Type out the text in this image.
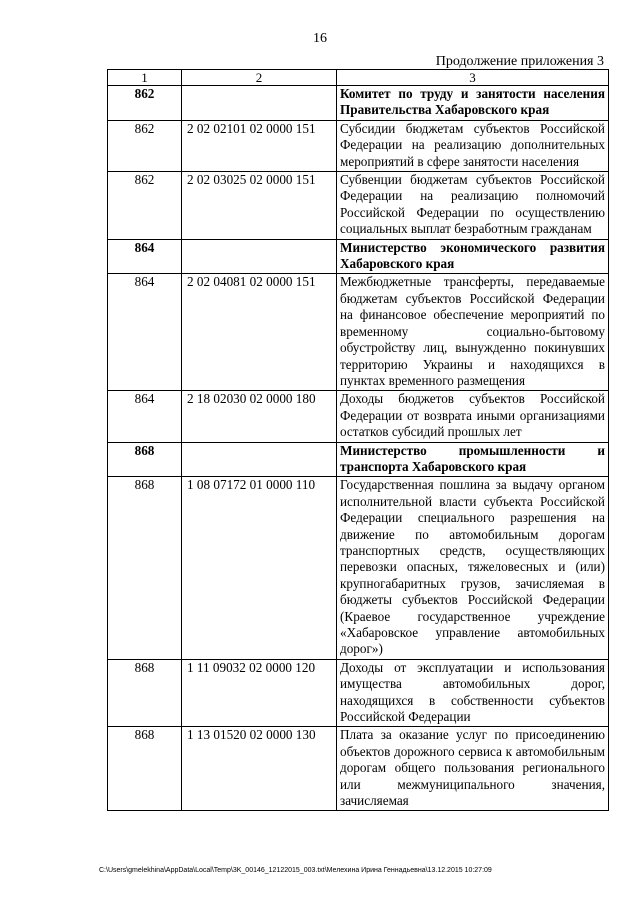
16
Продолжение приложения 3
1	2	3
862		Комитет по труду и занятости населения Правительства Хабаровского края
862	2 02 02101 02 0000 151	Субсидии бюджетам субъектов Российской Федерации на реализацию дополнительных мероприятий в сфере занятости населения
862	2 02 03025 02 0000 151	Субвенции бюджетам субъектов Российской Федерации на реализацию полномочий Российской Федерации по осуществлению социальных выплат безработным гражданам
864		Министерство экономического развития Хабаровского края
864	2 02 04081 02 0000 151	Межбюджетные трансферты, передаваемые бюджетам субъектов Российской Федерации на финансовое обеспечение мероприятий по временному социально-бытовому обустройству лиц, вынужденно покинувших территорию Украины и находящихся в пунктах временного размещения
864	2 18 02030 02 0000 180	Доходы бюджетов субъектов Российской Федерации от возврата иными организациями остатков субсидий прошлых лет
868		Министерство промышленности и транспорта Хабаровского края
868	1 08 07172 01 0000 110	Государственная пошлина за выдачу органом исполнительной власти субъекта Российской Федерации специального разрешения на движение по автомобильным дорогам транспортных средств, осуществляющих перевозки опасных, тяжеловесных и (или) крупногабаритных грузов, зачисляемая в бюджеты субъектов Российской Федерации (Краевое государственное учреждение «Хабаровское управление автомобильных дорог»)
868	1 11 09032 02 0000 120	Доходы от эксплуатации и использования имущества автомобильных дорог, находящихся в собственности субъектов Российской Федерации
868	1 13 01520 02 0000 130	Плата за оказание услуг по присоединению объектов дорожного сервиса к автомобильным дорогам общего пользования регионального или межмуниципального значения, зачисляемая
C:\Users\gmelekhina\AppData\Local\Temp\3K_00146_12122015_003.txt\Мелехина Ирина Геннадьевна\13.12.2015 10:27:09
